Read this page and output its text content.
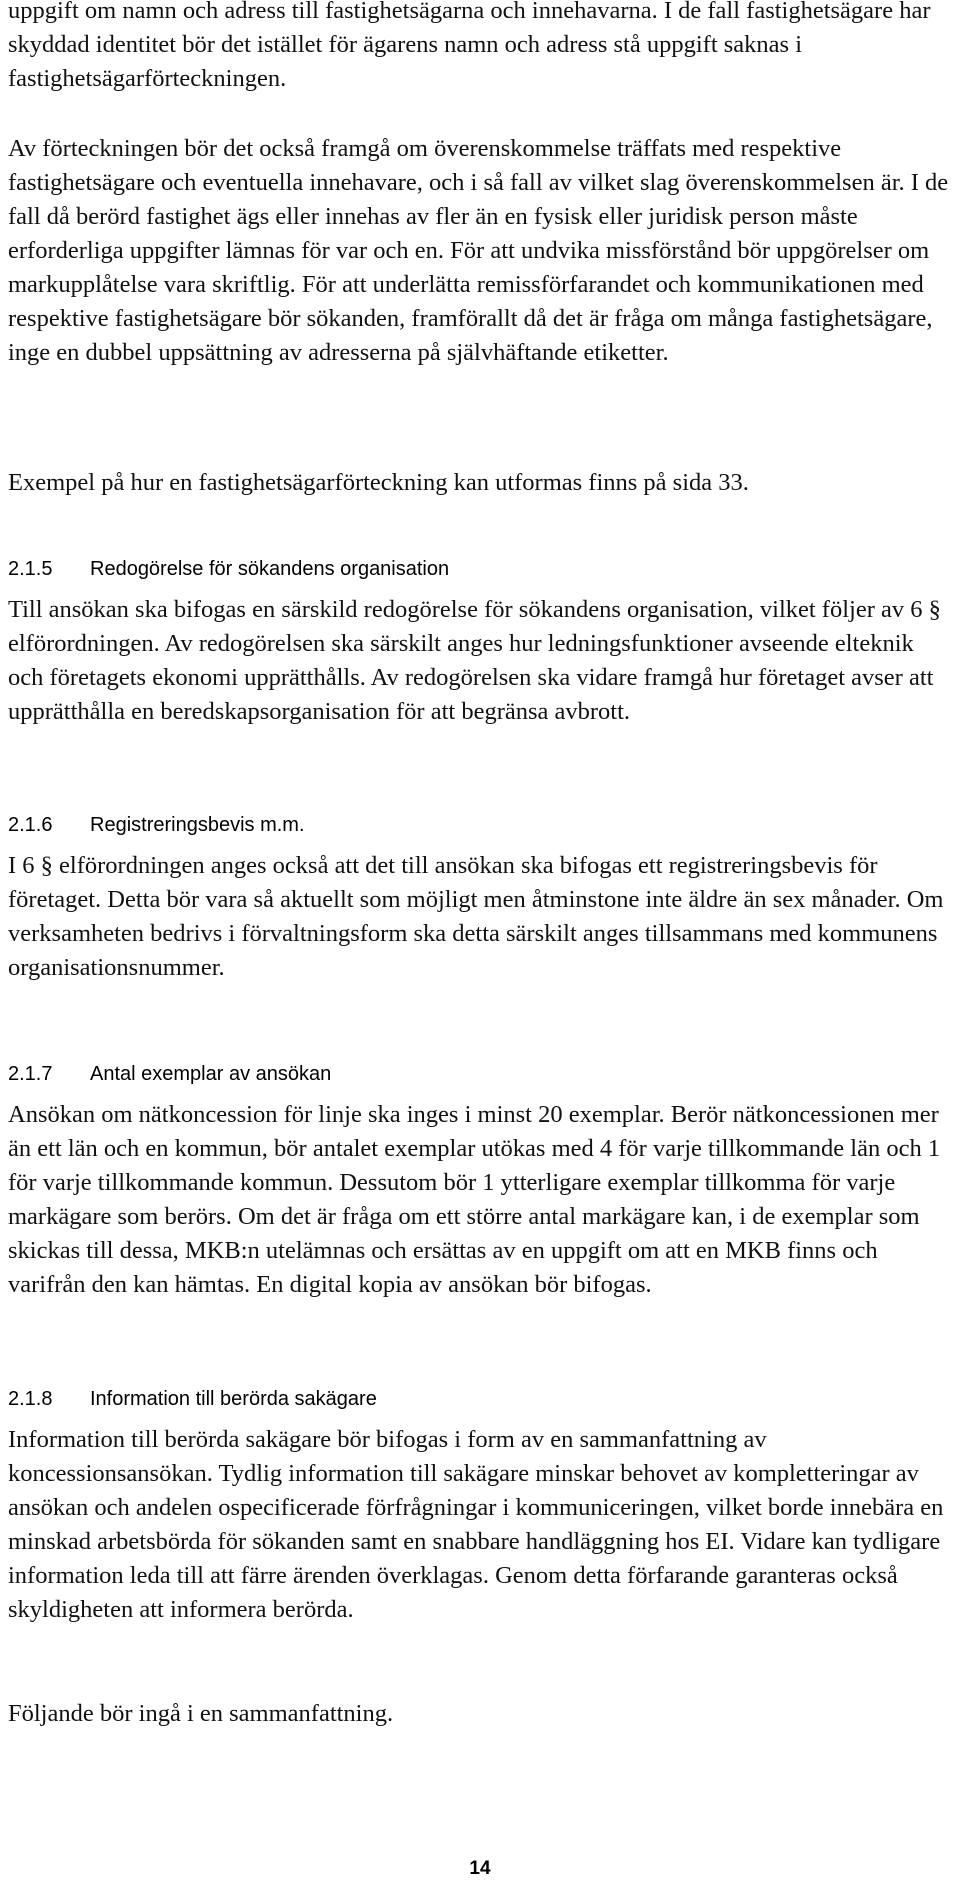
uppgift om namn och adress till fastighetsägarna och innehavarna. I de fall fastighetsägare har skyddad identitet bör det istället för ägarens namn och adress stå uppgift saknas i fastighetsägarförteckningen.

Av förteckningen bör det också framgå om överenskommelse träffats med respektive fastighetsägare och eventuella innehavare, och i så fall av vilket slag överenskommelsen är. I de fall då berörd fastighet ägs eller innehas av fler än en fysisk eller juridisk person måste erforderliga uppgifter lämnas för var och en. För att undvika missförstånd bör uppgörelser om markupplåtelse vara skriftlig. För att underlätta remissförfarandet och kommunikationen med respektive fastighetsägare bör sökanden, framförallt då det är fråga om många fastighetsägare, inge en dubbel uppsättning av adresserna på självhäftande etiketter.

Exempel på hur en fastighetsägarförteckning kan utformas finns på sida 33.

2.1.5 Redogörelse för sökandens organisation

Till ansökan ska bifogas en särskild redogörelse för sökandens organisation, vilket följer av 6 § elförordningen. Av redogörelsen ska särskilt anges hur ledningsfunktioner avseende elteknik och företagets ekonomi upprätthålls. Av redogörelsen ska vidare framgå hur företaget avser att upprätthålla en beredskapsorganisation för att begränsa avbrott.

2.1.6 Registreringsbevis m.m.

I 6 § elförordningen anges också att det till ansökan ska bifogas ett registreringsbevis för företaget. Detta bör vara så aktuellt som möjligt men åtminstone inte äldre än sex månader. Om verksamheten bedrivs i förvaltningsform ska detta särskilt anges tillsammans med kommunens organisationsnummer.

2.1.7 Antal exemplar av ansökan

Ansökan om nätkoncession för linje ska inges i minst 20 exemplar. Berör nätkoncessionen mer än ett län och en kommun, bör antalet exemplar utökas med 4 för varje tillkommande län och 1 för varje tillkommande kommun. Dessutom bör 1 ytterligare exemplar tillkomma för varje markägare som berörs. Om det är fråga om ett större antal markägare kan, i de exemplar som skickas till dessa, MKB:n utelämnas och ersättas av en uppgift om att en MKB finns och varifrån den kan hämtas. En digital kopia av ansökan bör bifogas.

2.1.8 Information till berörda sakägare

Information till berörda sakägare bör bifogas i form av en sammanfattning av koncessionsansökan. Tydlig information till sakägare minskar behovet av kompletteringar av ansökan och andelen ospecificerade förfrågningar i kommuniceringen, vilket borde innebära en minskad arbetsbörda för sökanden samt en snabbare handläggning hos EI. Vidare kan tydligare information leda till att färre ärenden överklagas. Genom detta förfarande garanteras också skyldigheten att informera berörda.

Följande bör ingå i en sammanfattning.

14
